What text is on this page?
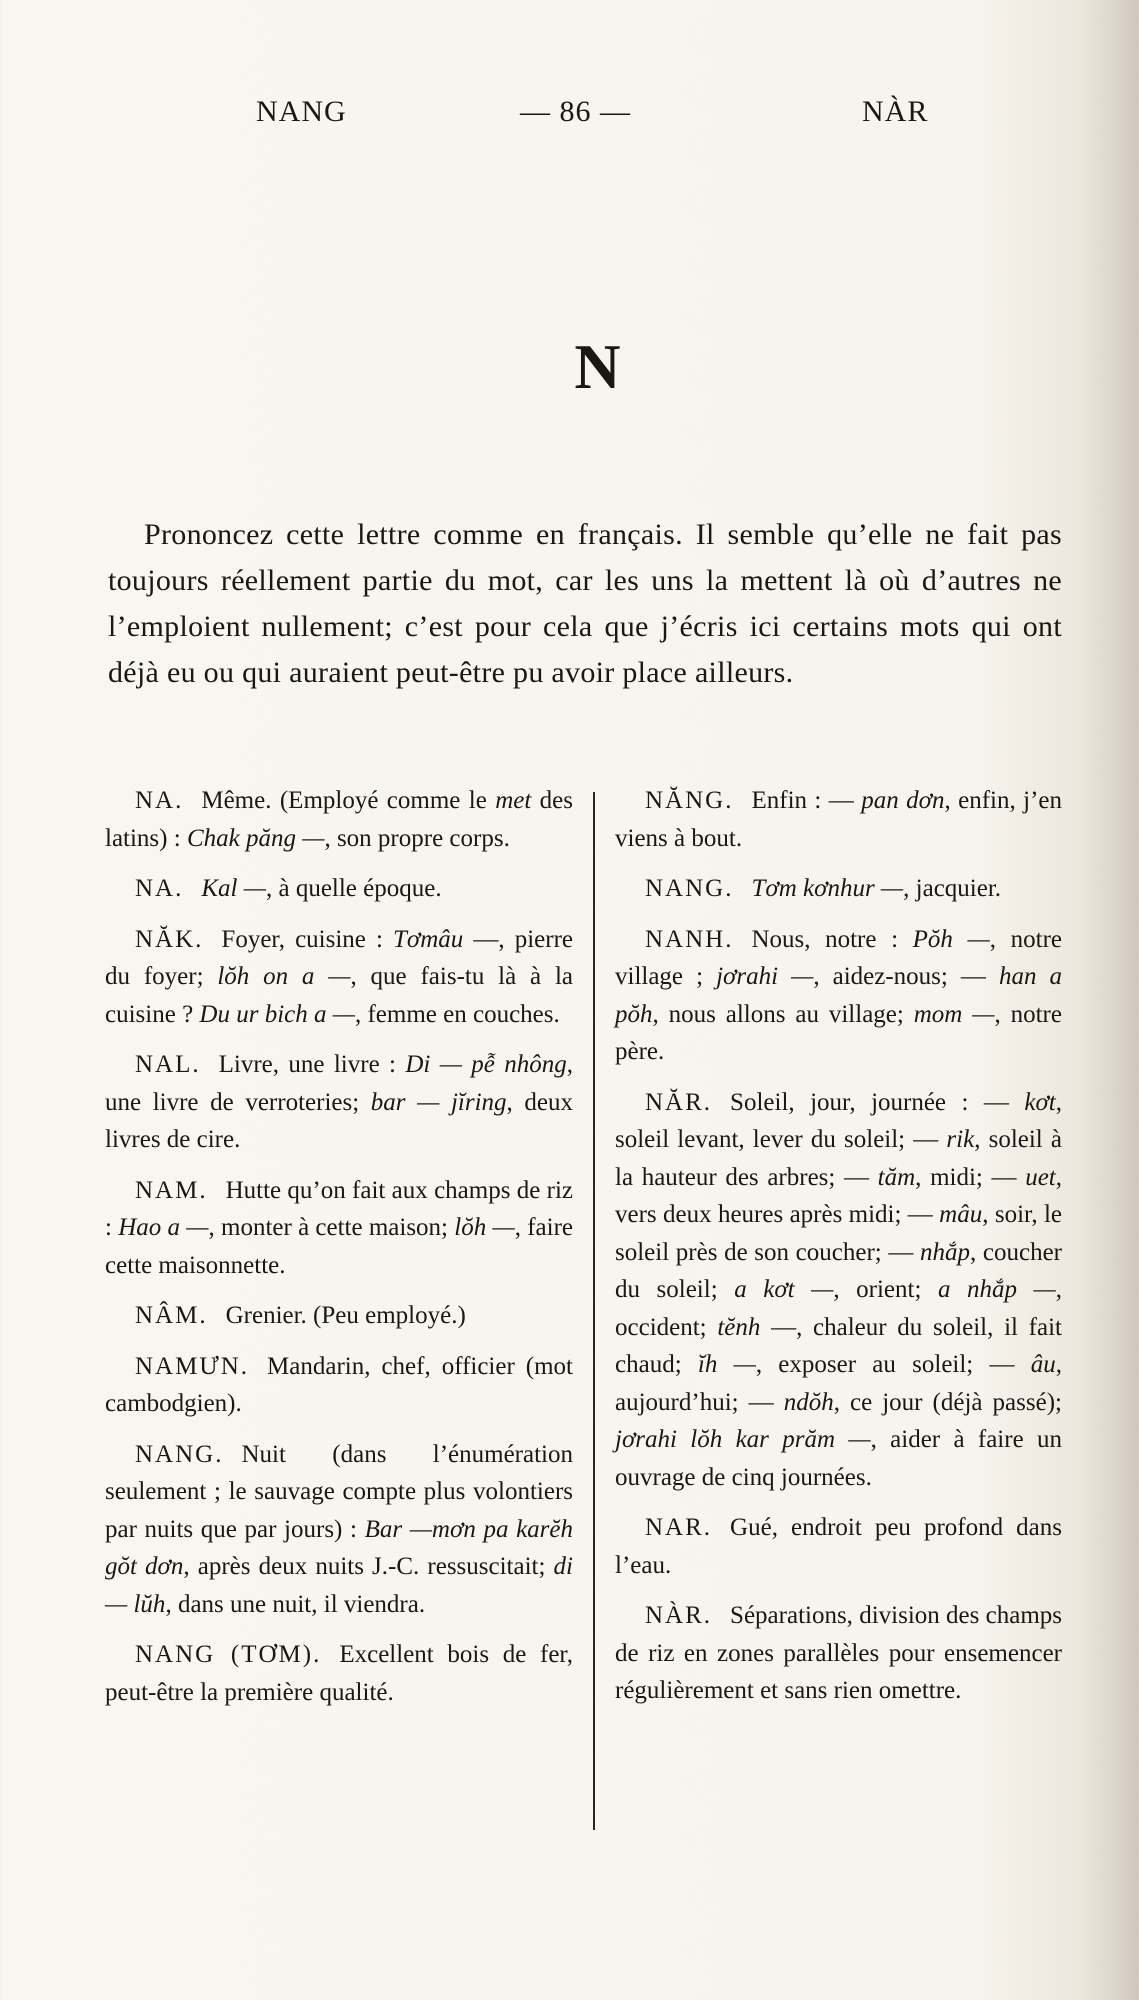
NANG	— 86 —	NÀR
N

Prononcez cette lettre comme en français. Il semble qu’elle ne fait pas toujours réellement partie du mot, car les uns la mettent là où d’autres ne l’emploient nullement; c’est pour cela que j’écris ici certains mots qui ont déjà eu ou qui auraient peut-être pu avoir place ailleurs.

NA. Même. (Employé comme le met des latins) : Chak păng —, son propre corps.

NA. Kal —, à quelle époque.

NĂK. Foyer, cuisine : Tơmâu —, pierre du foyer; lŏh on a —, que fais-tu là à la cuisine ? Du ur bich a —, femme en couches.

NAL. Livre, une livre : Di — pễ nhông, une livre de verroteries; bar — jĭring, deux livres de cire.

NAM. Hutte qu’on fait aux champs de riz : Hao a —, monter à cette maison; lŏh —, faire cette maisonnette.

NÂM. Grenier. (Peu employé.)

NAMƯN. Mandarin, chef, officier (mot cambodgien).

NANG. Nuit (dans l’énumération seulement ; le sauvage compte plus volontiers par nuits que par jours) : Bar —mơn pa karĕh gŏt dơn, après deux nuits J.-C. ressuscitait; di — lŭh, dans une nuit, il viendra.

NANG (TƠM). Excellent bois de fer, peut-être la première qualité.

NĂNG. Enfin : — pan dơn, enfin, j’en viens à bout.

NANG. Tơm kơnhur —, jacquier.

NANH. Nous, notre : Pŏh —, notre village ; jơrahi —, aidez-nous; — han a pŏh, nous allons au village; mom —, notre père.

NĂR. Soleil, jour, journée : — kơt, soleil levant, lever du soleil; — rik, soleil à la hauteur des arbres; — tăm, midi; — uet, vers deux heures après midi; — mâu, soir, le soleil près de son coucher; — nhắp, coucher du soleil; a kơt —, orient; a nhắp —, occident; tĕnh —, chaleur du soleil, il fait chaud; ĭh —, exposer au soleil; — âu, aujourd’hui; — ndŏh, ce jour (déjà passé); jơrahi lŏh kar prăm —, aider à faire un ouvrage de cinq journées.

NAR. Gué, endroit peu profond dans l’eau.

NÀR. Séparations, division des champs de riz en zones parallèles pour ensemencer régulièrement et sans rien omettre.
